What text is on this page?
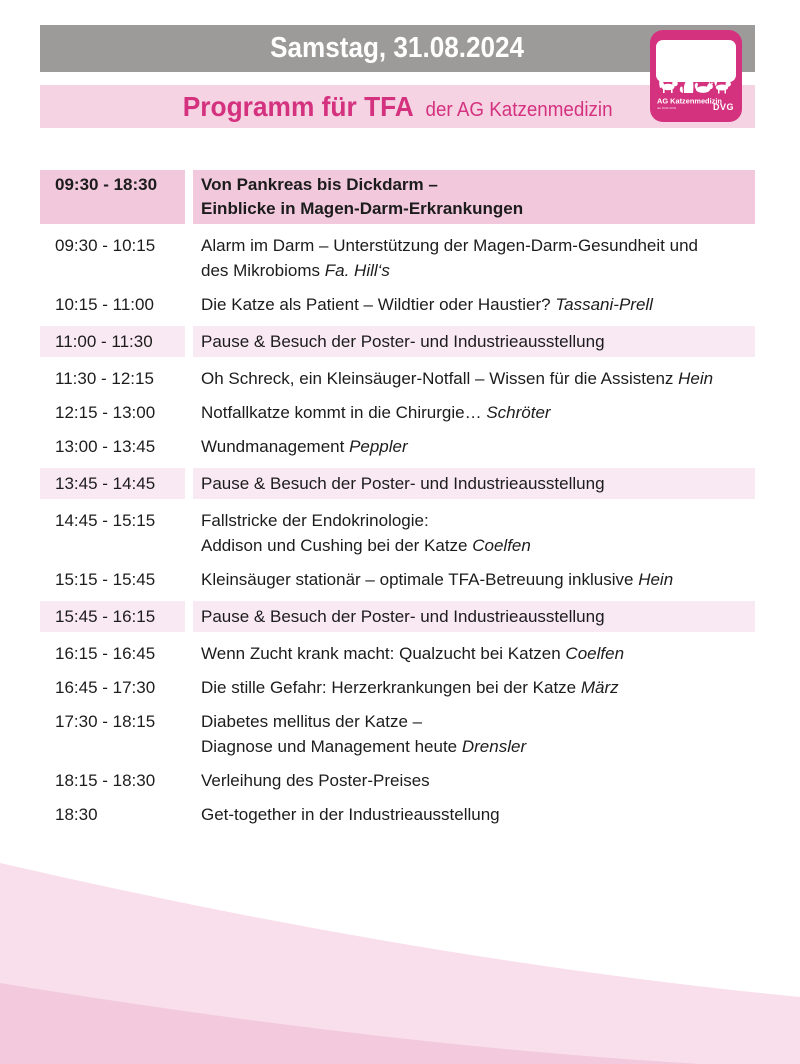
Samstag, 31.08.2024
Programm für TFA der AG Katzenmedizin	AG Katzenmedizin
der DGK-DVG	DVG
09:30 - 18:30	Von Pankreas bis Dickdarm –
Einblicke in Magen-Darm-Erkrankungen
09:30 - 10:15	Alarm im Darm – Unterstützung der Magen-Darm-Gesundheit und
des Mikrobioms Fa. Hill‘s
10:15 - 11:00	Die Katze als Patient – Wildtier oder Haustier? Tassani-Prell
11:00 - 11:30	Pause & Besuch der Poster- und Industrieausstellung
11:30 - 12:15	Oh Schreck, ein Kleinsäuger-Notfall – Wissen für die Assistenz Hein
12:15 - 13:00	Notfallkatze kommt in die Chirurgie… Schröter
13:00 - 13:45	Wundmanagement Peppler
13:45 - 14:45	Pause & Besuch der Poster- und Industrieausstellung
14:45 - 15:15	Fallstricke der Endokrinologie:
Addison und Cushing bei der Katze Coelfen
15:15 - 15:45	Kleinsäuger stationär – optimale TFA-Betreuung inklusive Hein
15:45 - 16:15	Pause & Besuch der Poster- und Industrieausstellung
16:15 - 16:45	Wenn Zucht krank macht: Qualzucht bei Katzen Coelfen
16:45 - 17:30	Die stille Gefahr: Herzerkrankungen bei der Katze März
17:30 - 18:15	Diabetes mellitus der Katze –
Diagnose und Management heute Drensler
18:15 - 18:30	Verleihung des Poster-Preises
18:30	Get-together in der Industrieausstellung
